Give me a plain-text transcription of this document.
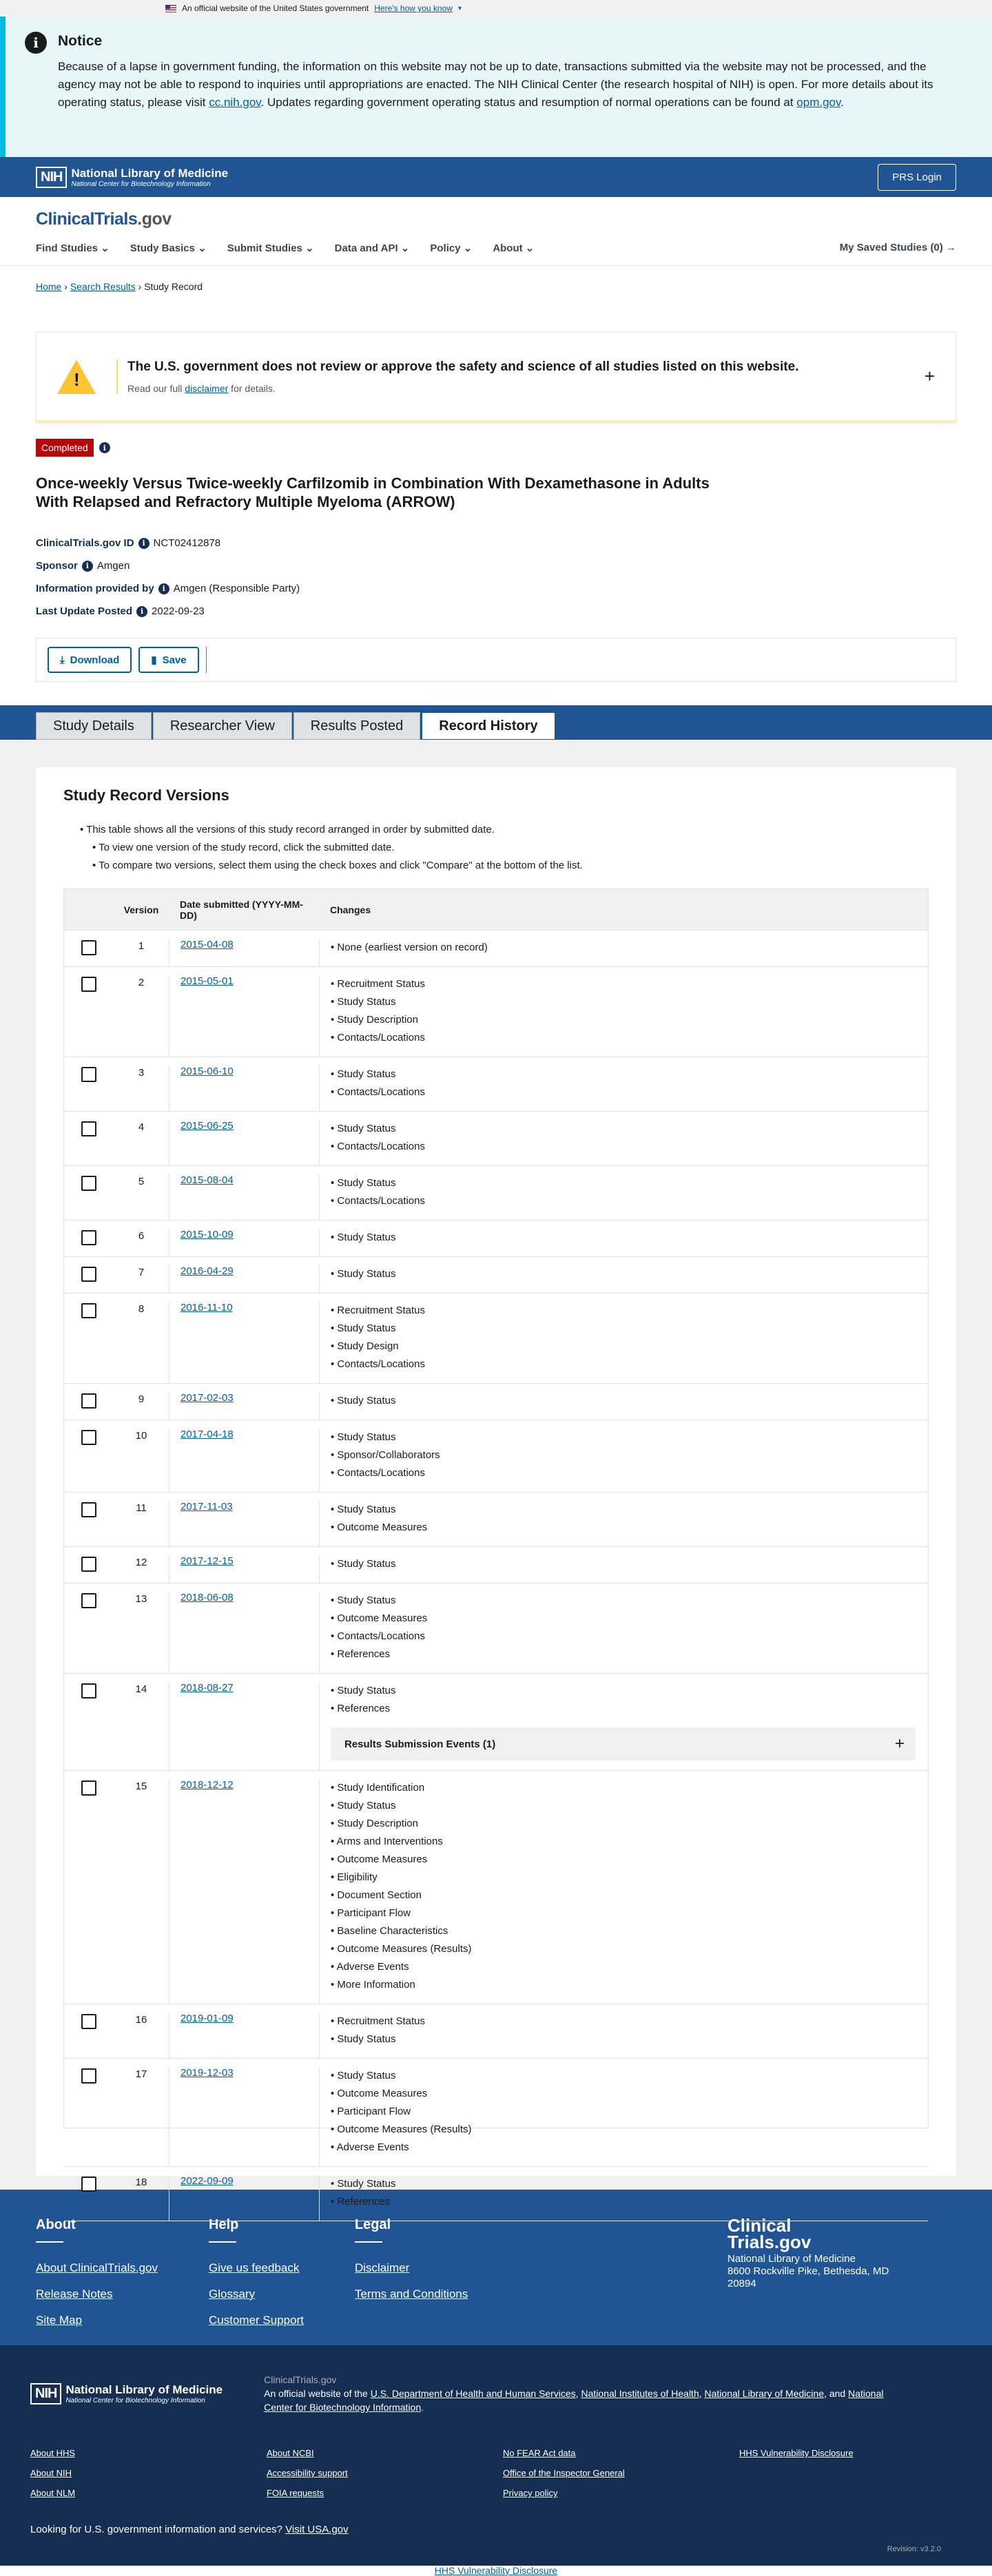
An official website of the United States government Here's how you know ▾
i	Notice

Because of a lapse in government funding, the information on this website may not be up to date, transactions submitted via the website may not be processed, and the agency may not be able to respond to inquiries until appropriations are enacted. The NIH Clinical Center (the research hospital of NIH) is open. For more details about its operating status, please visit cc.nih.gov. Updates regarding government operating status and resumption of normal operations can be found at opm.gov.

NIH National Library of Medicine
National Center for Biotechnology Information
PRS Login
ClinicalTrials.gov
Find Studies ⌄ Study Basics ⌄ Submit Studies ⌄ Data and API ⌄ Policy ⌄ About ⌄	My Saved Studies (0) →
Home › Search Results › Study Record
!
The U.S. government does not review or approve the safety and science of all studies listed on this website.

Read our full disclaimer for details.

+
Completed	i
Once-weekly Versus Twice-weekly Carfilzomib in Combination With Dexamethasone in Adults With Relapsed and Refractory Multiple Myeloma (ARROW)
ClinicalTrials.gov ID	i NCT02412878
Sponsor	i Amgen
Information provided by	i Amgen (Responsible Party)
Last Update Posted	i 2022-09-23
⤓ Download	▮ Save
Study Details	Researcher View	Results Posted	Record History
Study Record Versions
• This table shows all the versions of this study record arranged in order by submitted date.
• To view one version of the study record, click the submitted date.
• To compare two versions, select them using the check boxes and click "Compare" at the bottom of the list.
Version	Date submitted (YYYY-MM-DD)	Changes
1	2015-04-08	• None (earliest version on record)
2	2015-05-01	• Recruitment Status
• Study Status
• Study Description
• Contacts/Locations
3	2015-06-10	• Study Status
• Contacts/Locations
4	2015-06-25	• Study Status
• Contacts/Locations
5	2015-08-04	• Study Status
• Contacts/Locations
6	2015-10-09	• Study Status
7	2016-04-29	• Study Status
8	2016-11-10	• Recruitment Status
• Study Status
• Study Design
• Contacts/Locations
9	2017-02-03	• Study Status
10	2017-04-18	• Study Status
• Sponsor/Collaborators
• Contacts/Locations
11	2017-11-03	• Study Status
• Outcome Measures
12	2017-12-15	• Study Status
13	2018-06-08	• Study Status
• Outcome Measures
• Contacts/Locations
• References
14	2018-08-27	• Study Status
• References
Results Submission Events (1)	+
15	2018-12-12	• Study Identification
• Study Status
• Study Description
• Arms and Interventions
• Outcome Measures
• Eligibility
• Document Section
• Participant Flow
• Baseline Characteristics
• Outcome Measures (Results)
• Adverse Events
• More Information
16	2019-01-09	• Recruitment Status
• Study Status
17	2019-12-03	• Study Status
• Outcome Measures
• Participant Flow
• Outcome Measures (Results)
• Adverse Events
18	2022-09-09	• Study Status
• References
About
About ClinicalTrials.gov
Release Notes
Site Map
Help
Give us feedback
Glossary
Customer Support
Legal
Disclaimer
Terms and Conditions
Clinical
Trials.gov
National Library of Medicine
8600 Rockville Pike, Bethesda, MD 20894
NIH National Library of Medicine
National Center for Biotechnology Information
ClinicalTrials.gov
An official website of the U.S. Department of Health and Human Services, National Institutes of Health, National Library of Medicine, and National Center for Biotechnology Information.
About HHS	About NCBI	No FEAR Act data	HHS Vulnerability Disclosure
About NIH	Accessibility support	Office of the Inspector General
About NLM	FOIA requests	Privacy policy
Looking for U.S. government information and services? Visit USA.gov
Revision: v3.2.0
HHS Vulnerability Disclosure
